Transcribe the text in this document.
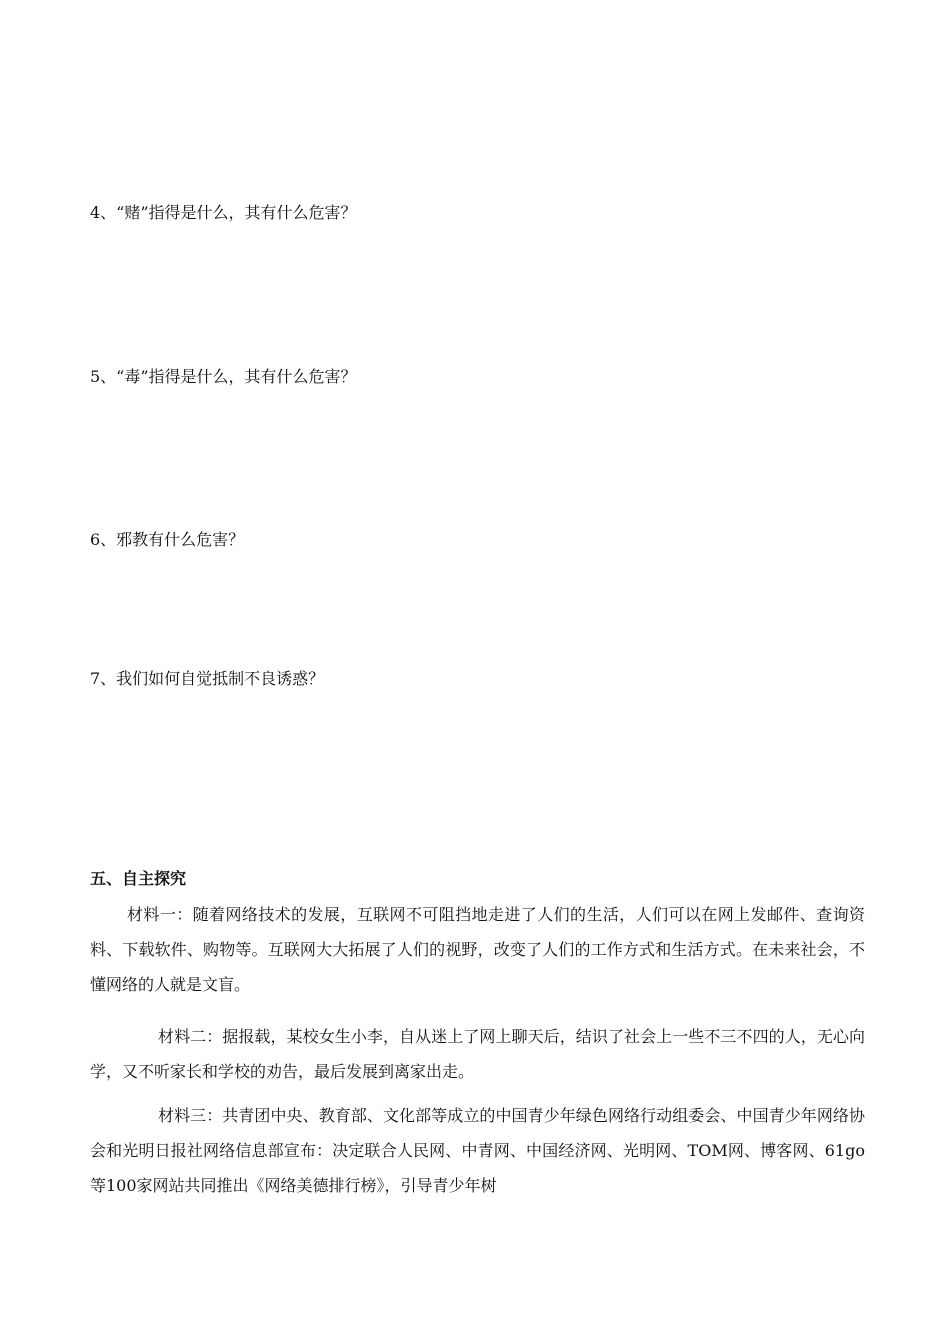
4、“赌”指得是什么，其有什么危害？
5、“毒”指得是什么，其有什么危害？
6、邪教有什么危害？
7、我们如何自觉抵制不良诱惑？
五、自主探究

材料一：随着网络技术的发展，互联网不可阻挡地走进了人们的生活，人们可以在网上发邮件、查询资料、下载软件、购物等。互联网大大拓展了人们的视野，改变了人们的工作方式和生活方式。在未来社会，不懂网络的人就是文盲。

材料二：据报载，某校女生小李，自从迷上了网上聊天后，结识了社会上一些不三不四的人，无心向学，又不听家长和学校的劝告，最后发展到离家出走。

材料三：共青团中央、教育部、文化部等成立的中国青少年绿色网络行动组委会、中国青少年网络协会和光明日报社网络信息部宣布：决定联合人民网、中青网、中国经济网、光明网、TOM网、博客网、61go等100家网站共同推出《网络美德排行榜》，引导青少年树
